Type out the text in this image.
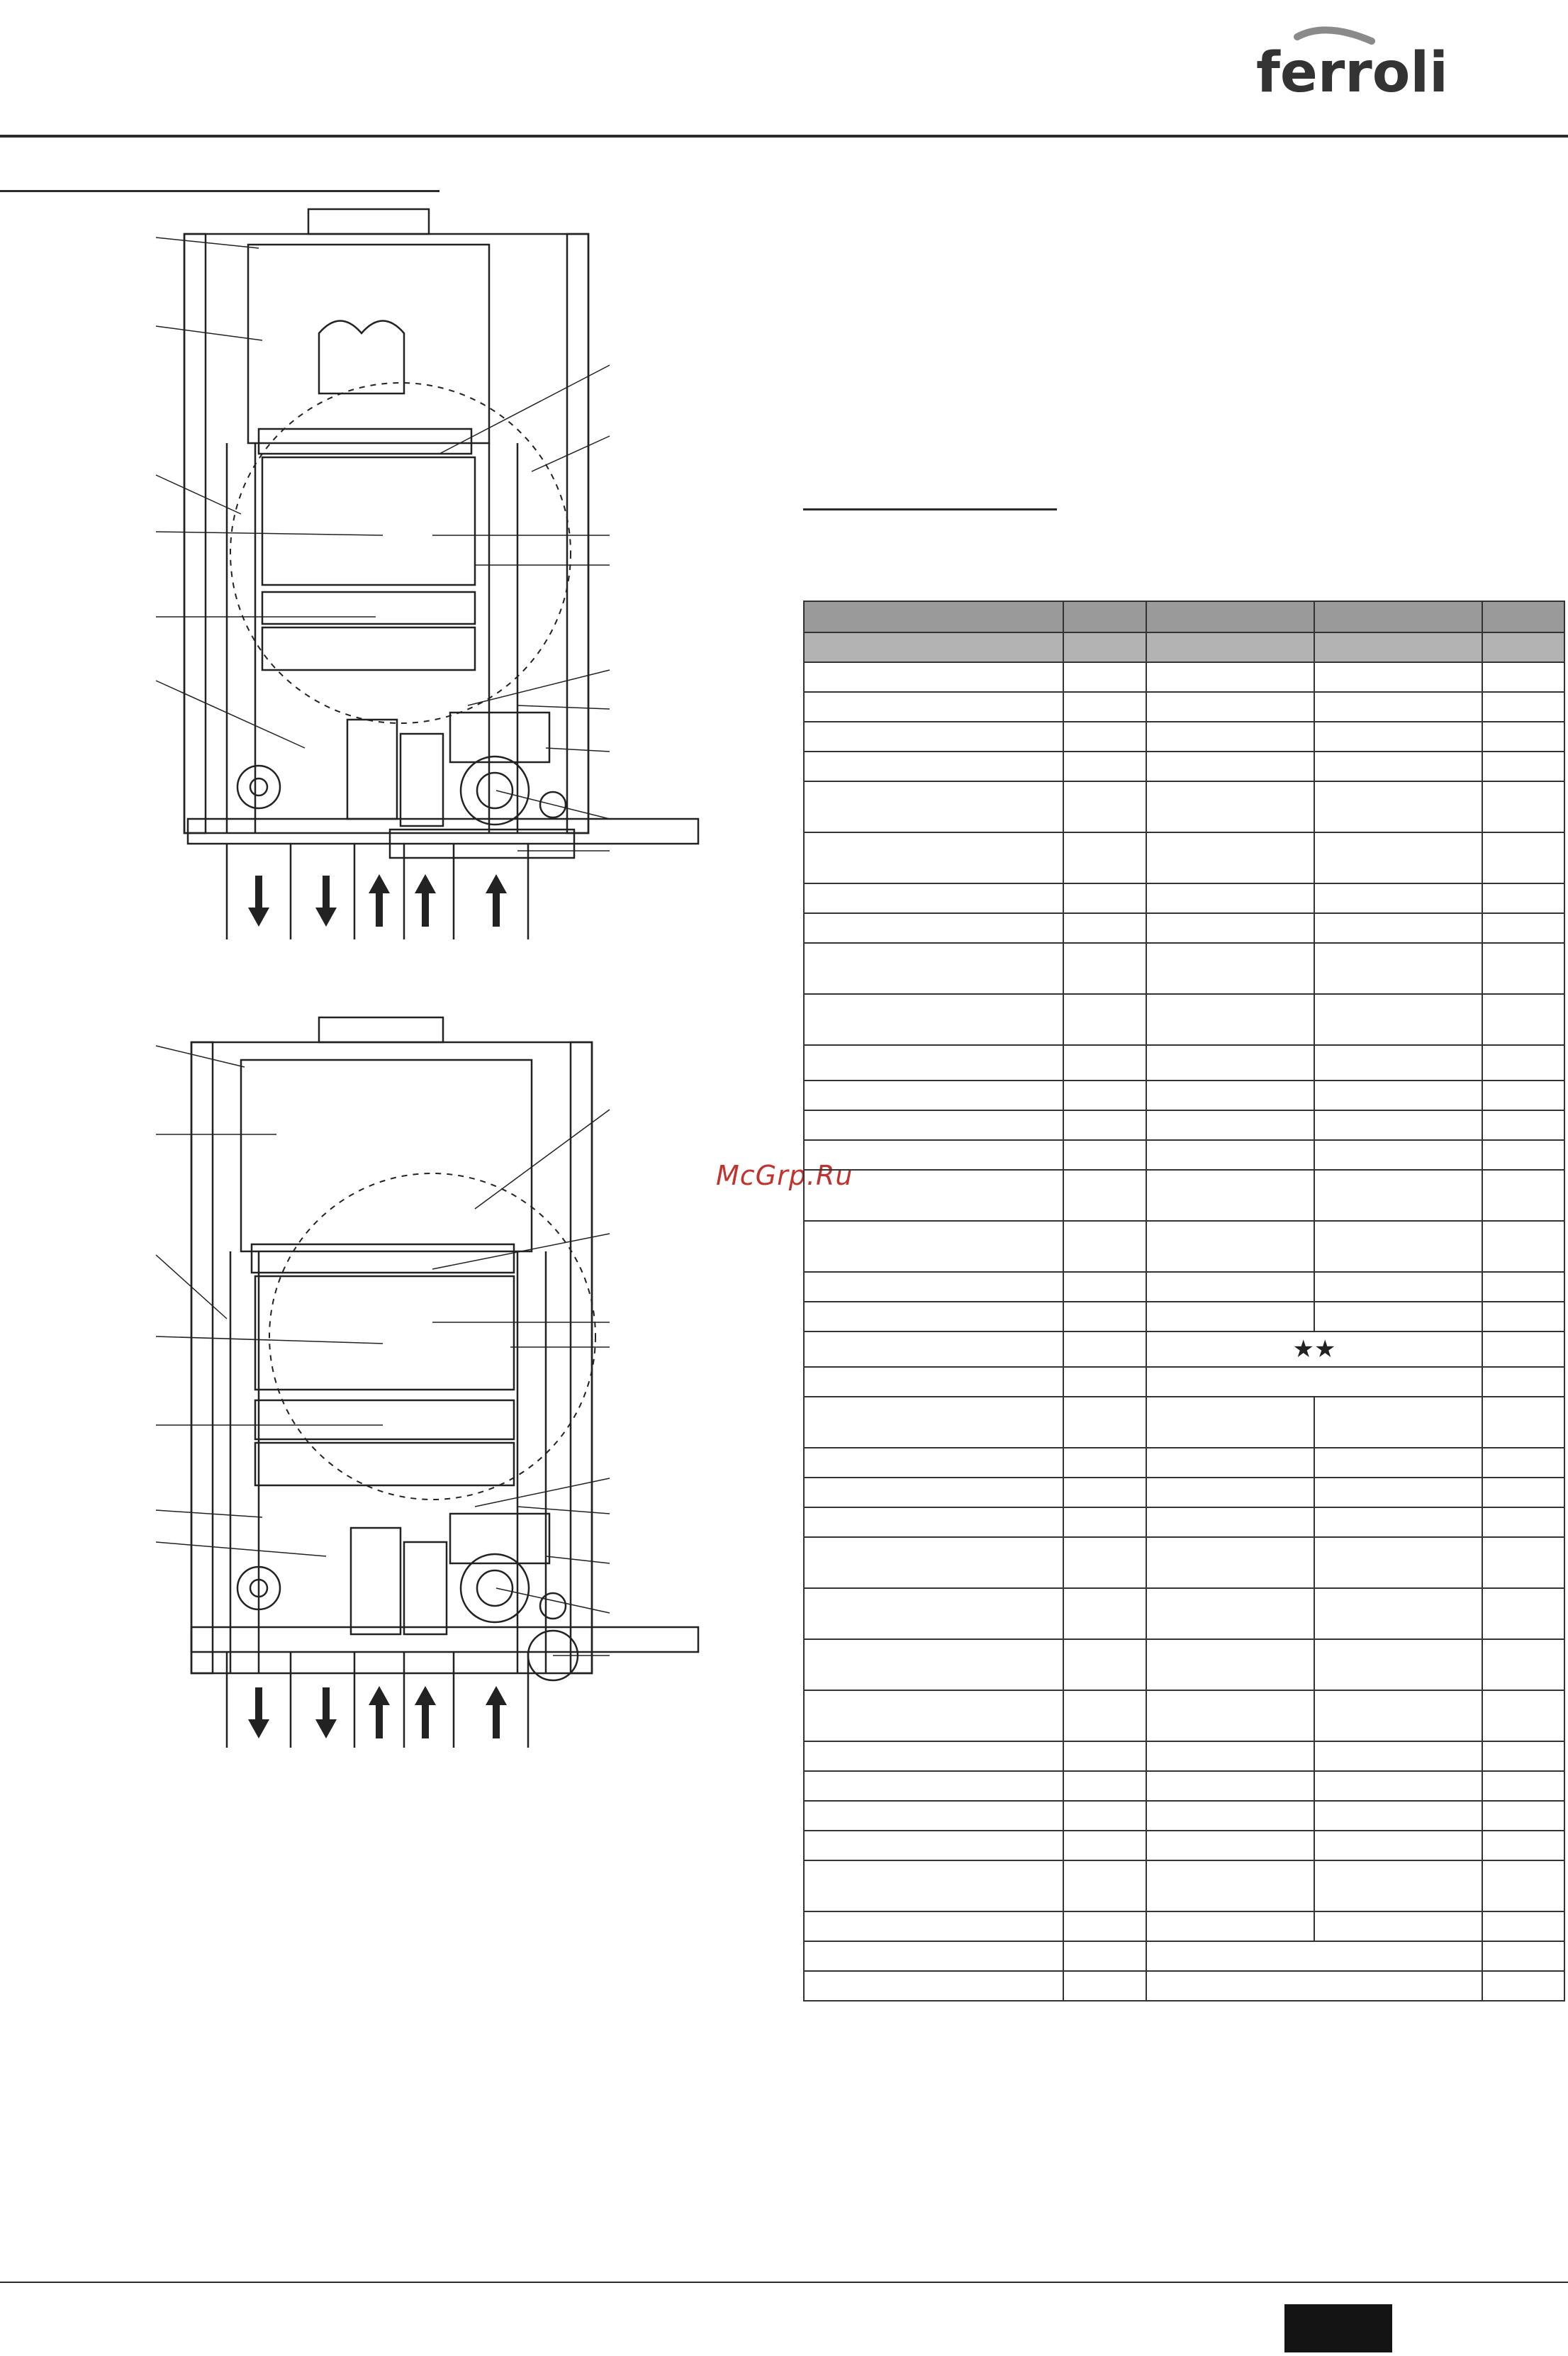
ferroli
McGrp.Ru

		★★		
